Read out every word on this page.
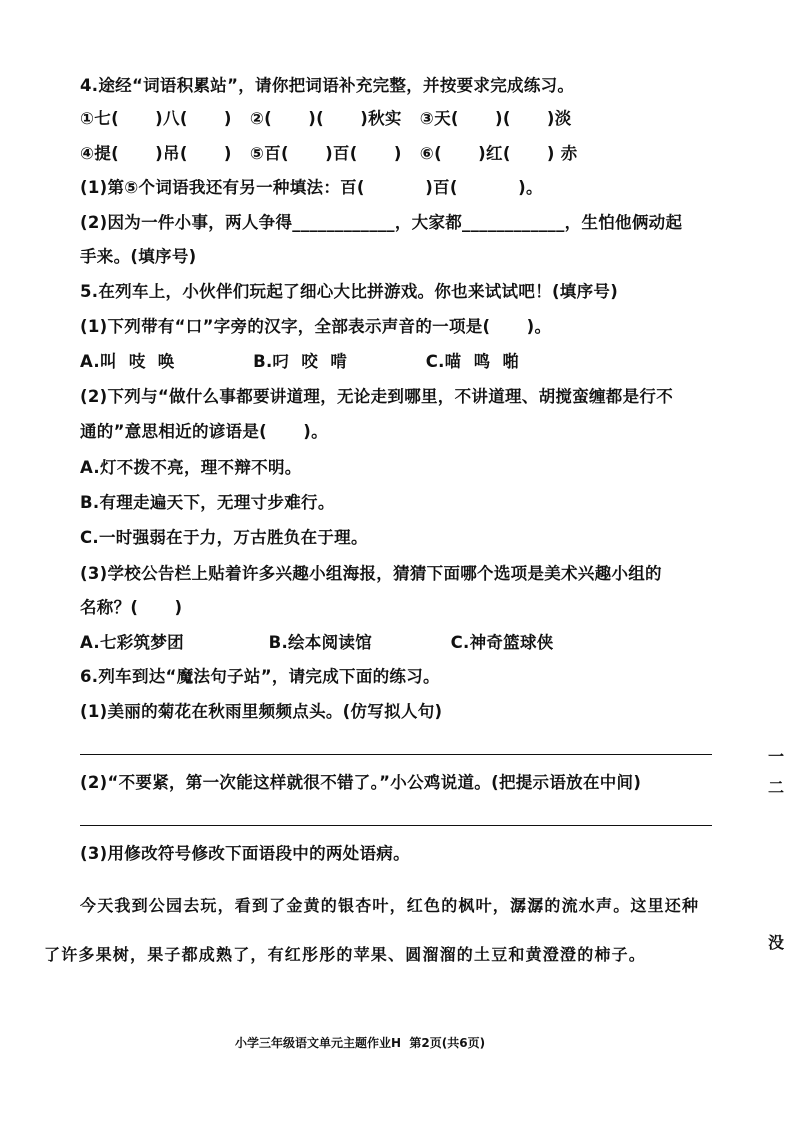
4.途经“词语积累站”，请你把词语补充完整，并按要求完成练习。
①七(      )八(      )   ②(      )(      )秋实   ③天(      )(      )淡
④提(      )吊(      )   ⑤百(      )百(      )   ⑥(      )红(      ) 赤
(1)第⑤个词语我还有另一种填法：百(          )百(          )。
(2)因为一件小事，两人争得____________，大家都____________，生怕他俩动起
手来。(填序号)
5.在列车上，小伙伴们玩起了细心大比拼游戏。你也来试试吧！(填序号)
(1)下列带有“口”字旁的汉字，全部表示声音的一项是(      )。
A.叫  吱  唤             B.叼  咬  啃             C.喵  鸣  啪
(2)下列与“做什么事都要讲道理，无论走到哪里，不讲道理、胡搅蛮缠都是行不
通的”意思相近的谚语是(      )。
A.灯不拨不亮，理不辩不明。
B.有理走遍天下，无理寸步难行。
C.一时强弱在于力，万古胜负在于理。
(3)学校公告栏上贴着许多兴趣小组海报，猜猜下面哪个选项是美术兴趣小组的
名称？(      )
A.七彩筑梦团              B.绘本阅读馆             C.神奇篮球侠
6.列车到达“魔法句子站”，请完成下面的练习。
(1)美丽的菊花在秋雨里频频点头。(仿写拟人句)
(2)“不要紧，第一次能这样就很不错了。”小公鸡说道。(把提示语放在中间)
(3)用修改符号修改下面语段中的两处语病。
今天我到公园去玩，看到了金黄的银杏叶，红色的枫叶，潺潺的流水声。这里还种
了许多果树，果子都成熟了，有红彤彤的苹果、圆溜溜的土豆和黄澄澄的柿子。
小学三年级语文单元主题作业H  第2页(共6页)
一
二
没
